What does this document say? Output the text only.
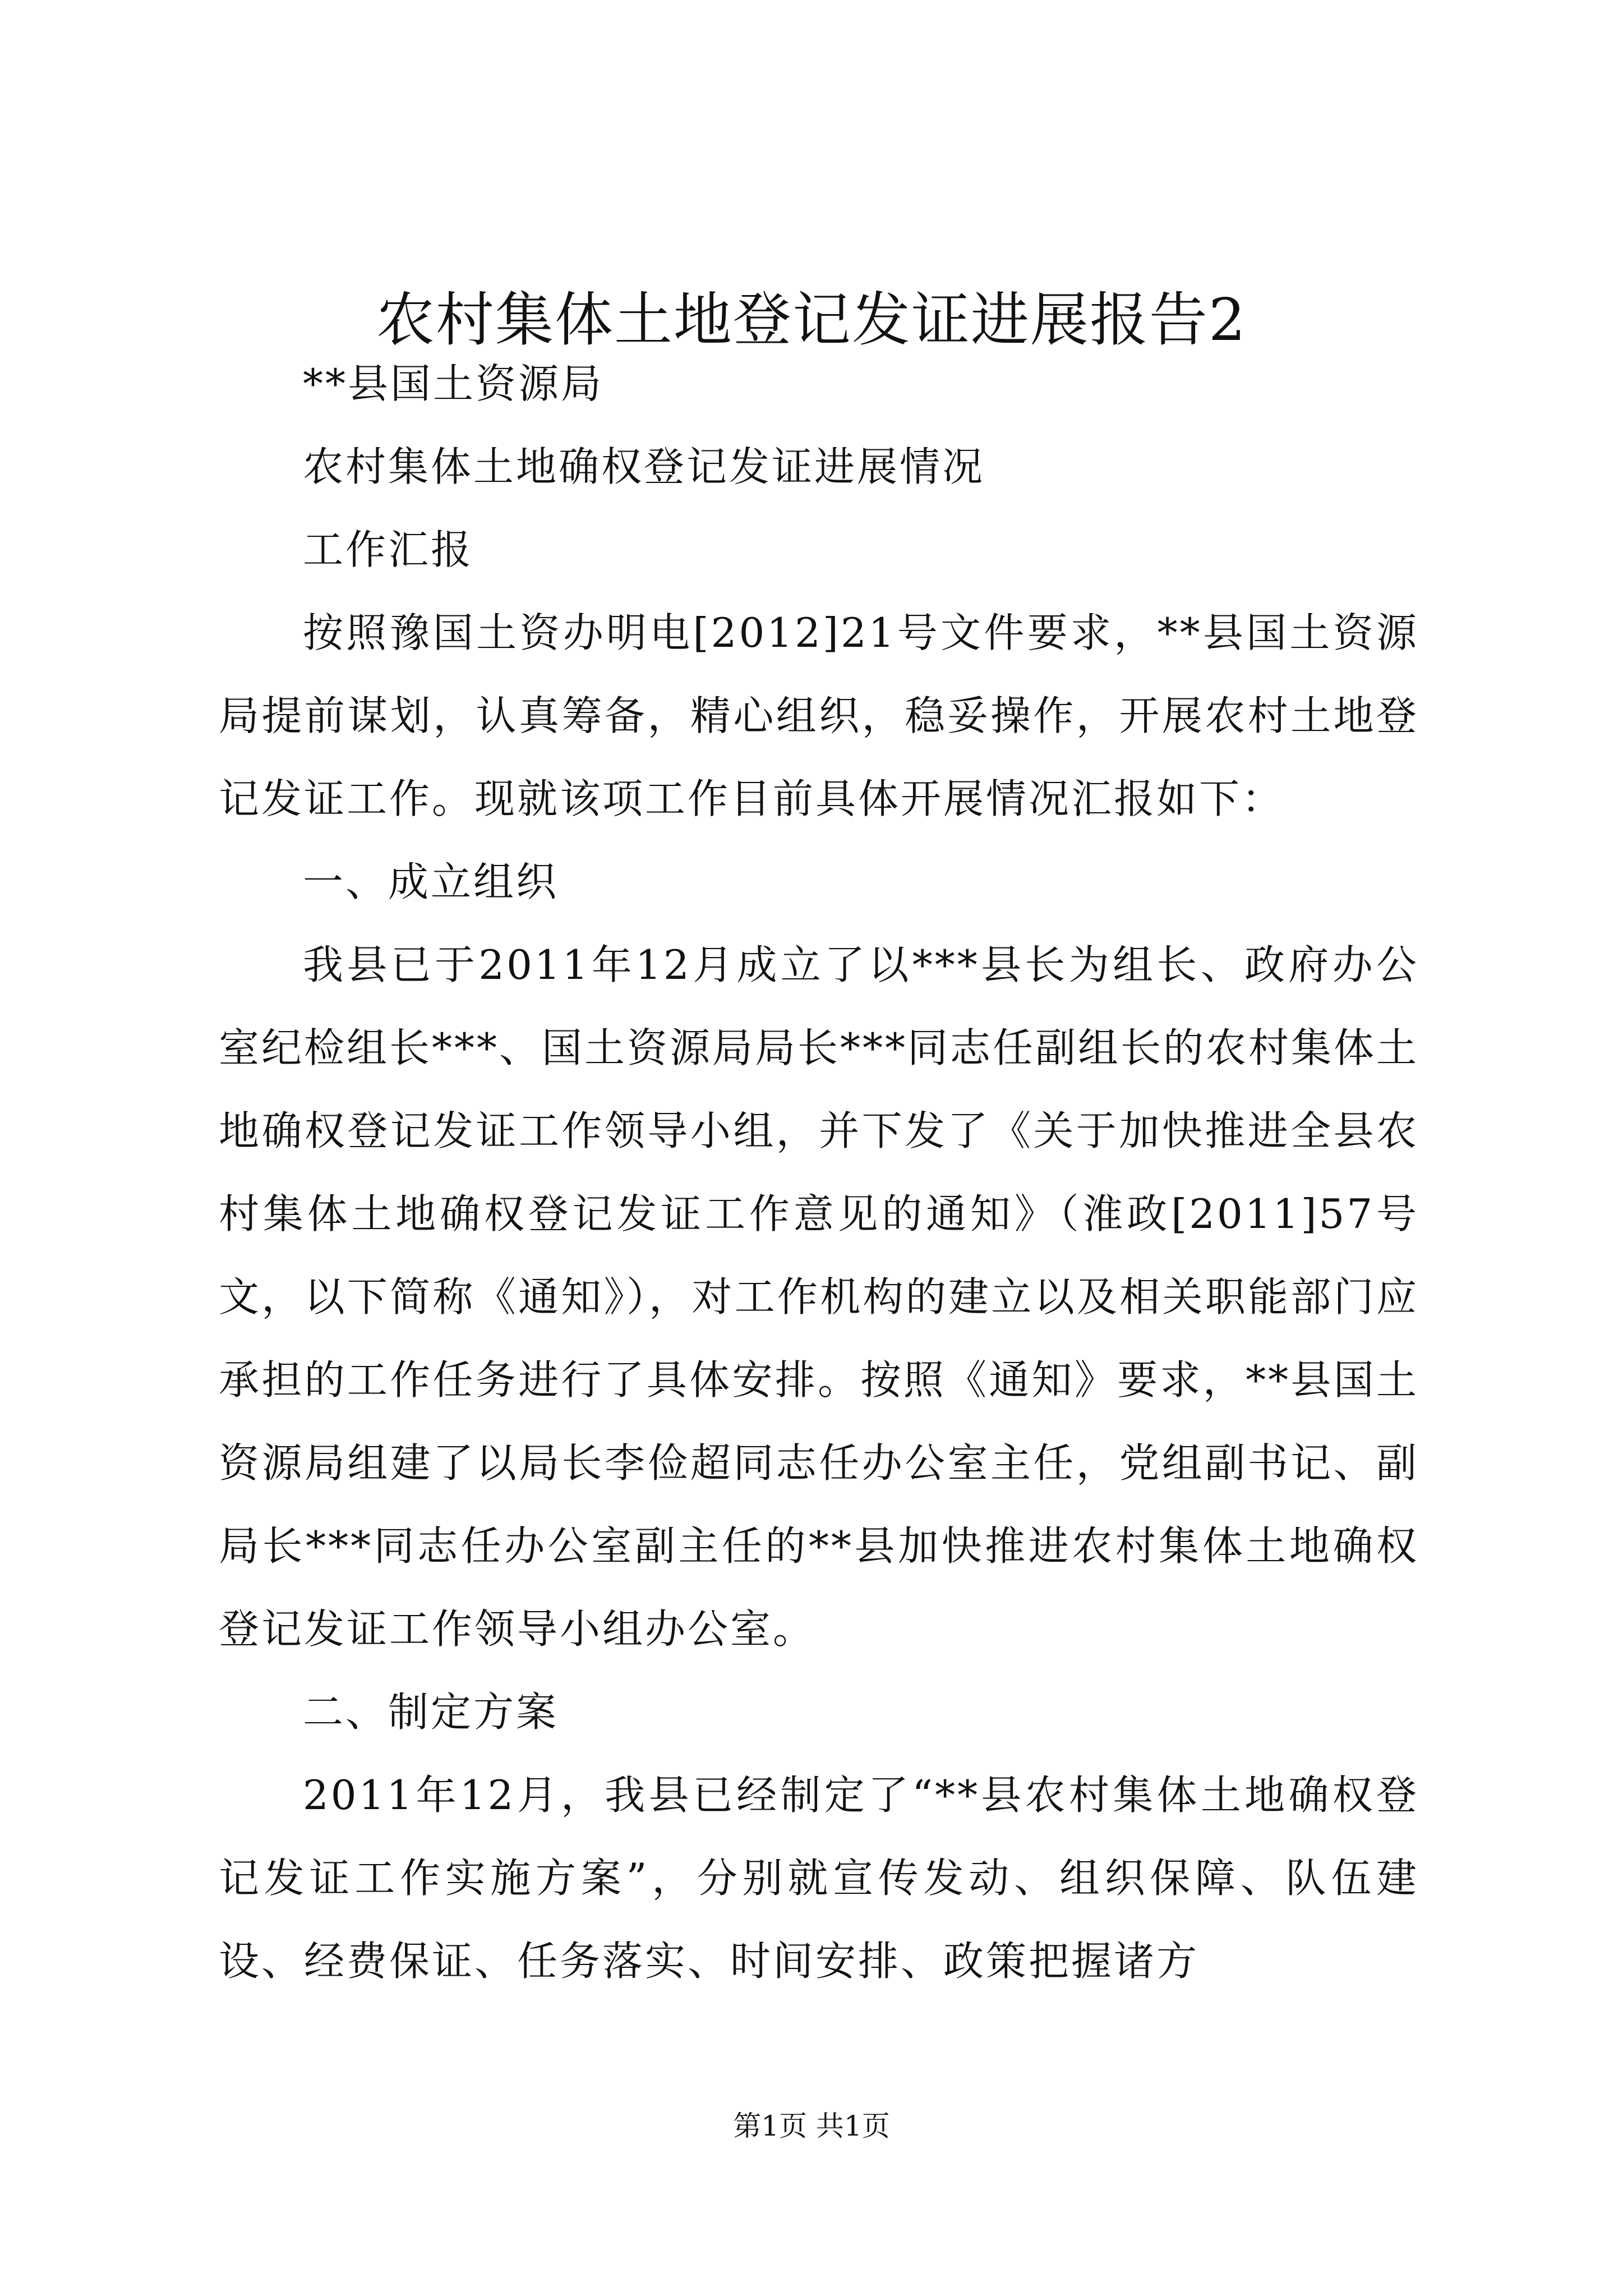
农村集体土地登记发证进展报告2

**县国土资源局

农村集体土地确权登记发证进展情况

工作汇报

按照豫国土资办明电[2012]21号文件要求，**县国土资源局提前谋划，认真筹备，精心组织，稳妥操作，开展农村土地登记发证工作。现就该项工作目前具体开展情况汇报如下：

一、成立组织

我县已于2011年12月成立了以***县长为组长、政府办公室纪检组长***、国土资源局局长***同志任副组长的农村集体土地确权登记发证工作领导小组，并下发了《关于加快推进全县农村集体土地确权登记发证工作意见的通知》（淮政[2011]57号文，以下简称《通知》），对工作机构的建立以及相关职能部门应承担的工作任务进行了具体安排。按照《通知》要求，**县国土资源局组建了以局长李俭超同志任办公室主任，党组副书记、副局长***同志任办公室副主任的**县加快推进农村集体土地确权登记发证工作领导小组办公室。

二、制定方案

2011年12月，我县已经制定了“**县农村集体土地确权登记发证工作实施方案”，分别就宣传发动、组织保障、队伍建设、经费保证、任务落实、时间安排、政策把握诸方

第1页 共1页
